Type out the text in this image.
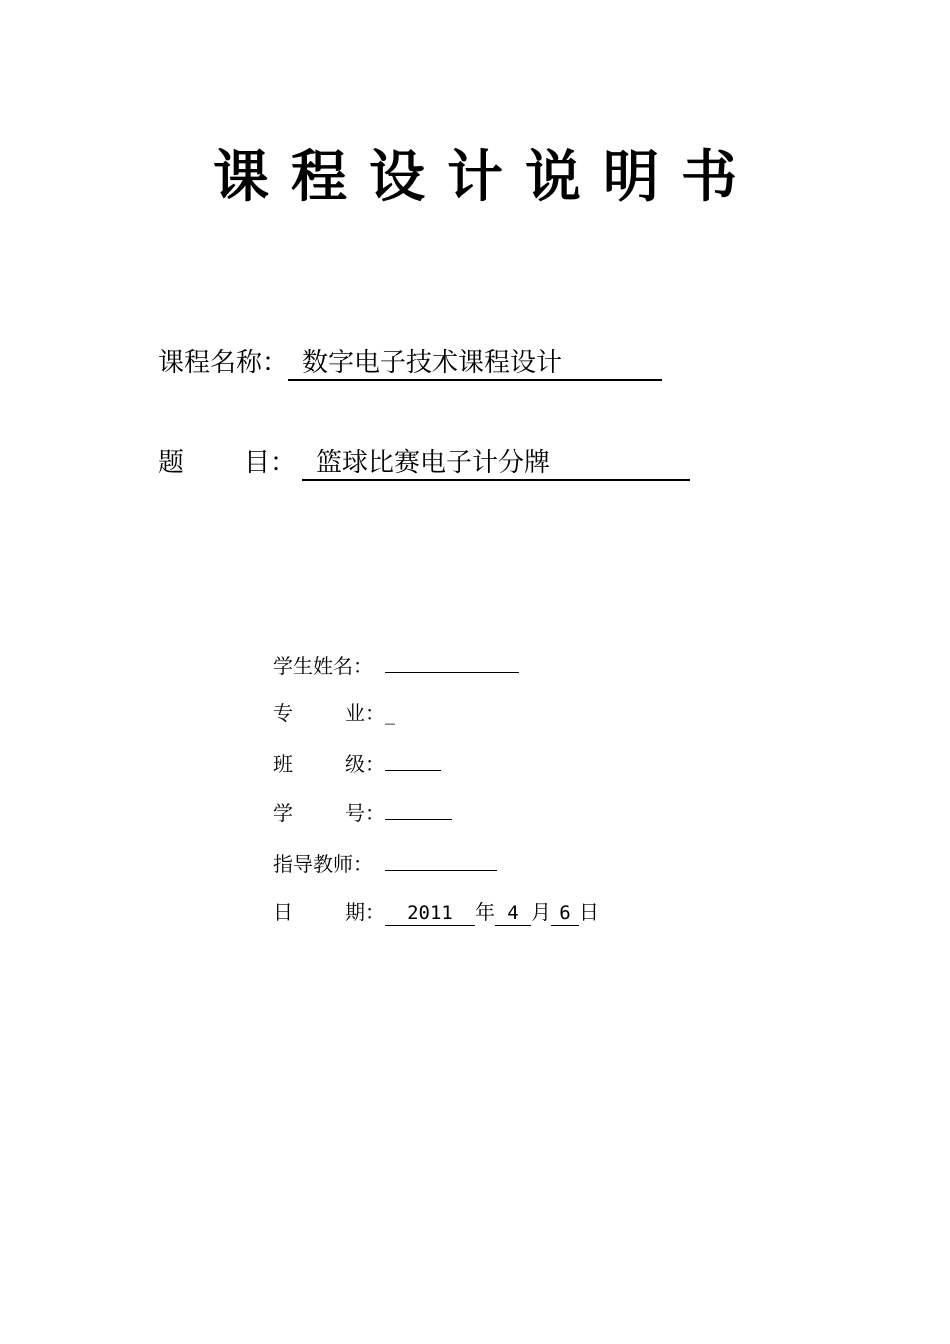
课程设计说明书
课程名称： 数字电子技术课程设计
题 目： 篮球比赛电子计分牌
学生姓名：
专	业： _
班	级：
学	号：
指导教师：
日	期：	2011	年 4 月 6 日
